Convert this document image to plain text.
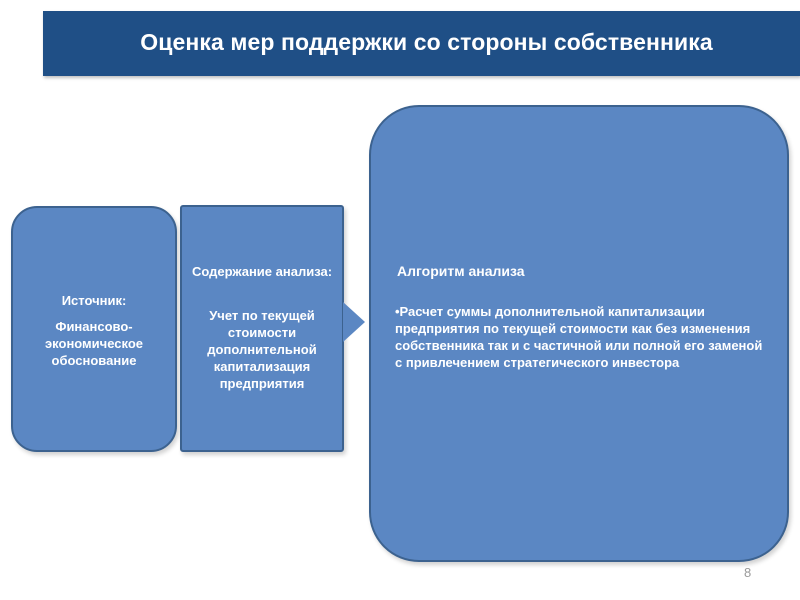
Оценка мер поддержки со стороны собственника
Источник:
Финансово-экономическое обоснование
Содержание анализа:
Учет по текущей стоимости дополнительной капитализация предприятия
Алгоритм анализа
•Расчет суммы дополнительной капитализации предприятия по текущей стоимости как без изменения собственника так и с частичной или полной его заменой с привлечением стратегического инвестора
8
